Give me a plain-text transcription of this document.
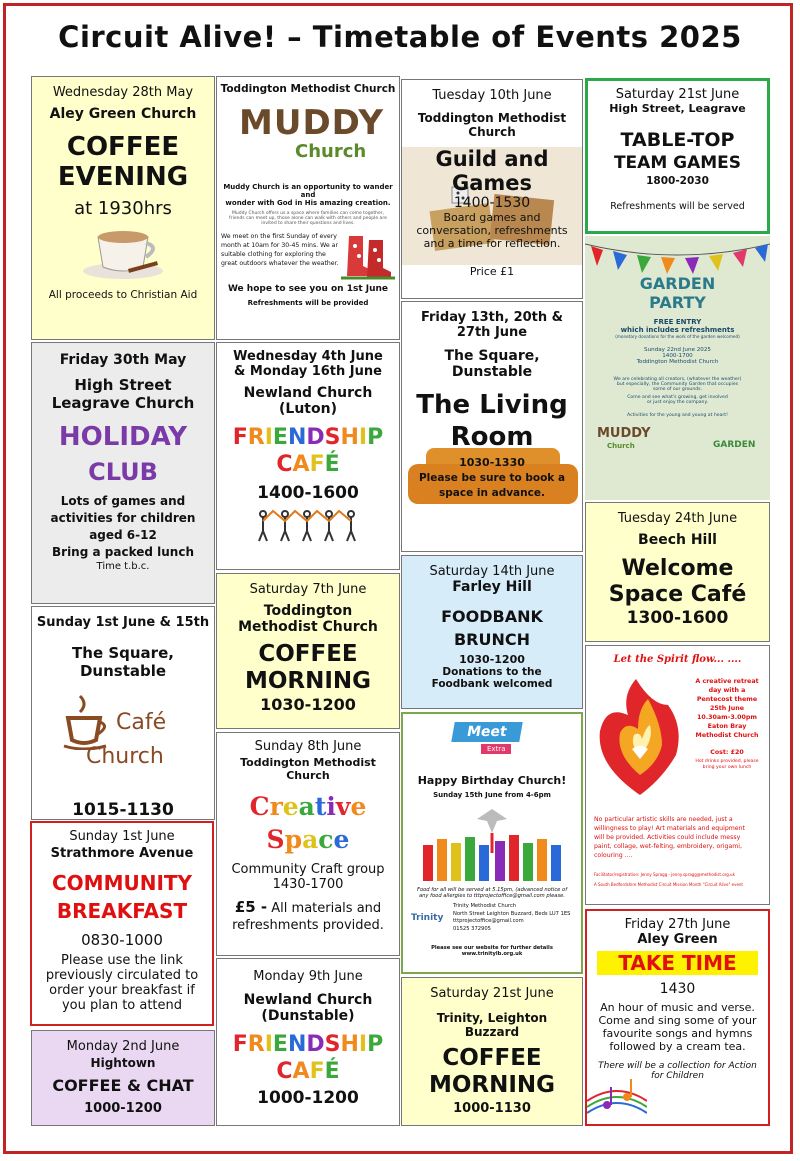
Circuit Alive! – Timetable of Events 2025
Wednesday 28th May
Aley Green Church
COFFEE
EVENING
at 1930hrs
All proceeds to Christian Aid
Friday 30th May
High Street
Leagrave Church
HOLIDAY
CLUB
Lots of games and
activities for children
aged 6-12
Bring a packed lunch
Time t.b.c.
Sunday 1st June & 15th
The Square,
Dunstable
Café
Church
1015-1130
Sunday 1st June
Strathmore Avenue
COMMUNITY
BREAKFAST
0830-1000
Please use the link
previously circulated to
order your breakfast if
you plan to attend
Monday 2nd June
Hightown
COFFEE & CHAT
1000-1200
Toddington Methodist Church
MUDDY
Church
Muddy Church is an opportunity to wander and
wonder with God in His amazing creation.
Muddy Church offers us a space where families can come together,
friends can meet up, those alone can walk with others and people are
invited to share their questions and lives.
We meet on the first Sunday of every
month at 10am for 30-45 mins. We ar
suitable clothing for exploring the
great outdoors whatever the weather.
We hope to see you on 1st June
Refreshments will be provided
Wednesday 4th June
& Monday 16th June
Newland Church
(Luton)
FRIENDSHIP
CAFÉ
1400-1600
Saturday 7th June
Toddington
Methodist Church
COFFEE
MORNING
1030-1200
Sunday 8th June
Toddington Methodist
Church
Creative
Space
Community Craft group
1430-1700
£5 - All materials and
refreshments provided.
Monday 9th June
Newland Church
(Dunstable)
FRIENDSHIP
CAFÉ
1000-1200
Tuesday 10th June
Toddington Methodist
Church
Guild and
Games
1400-1530
Board games and
conversation, refreshments
and a time for reflection.
Price £1
Friday 13th, 20th &
27th June
The Square,
Dunstable
The Living
Room
1030-1330
Please be sure to book a
space in advance.
Saturday 14th June
Farley Hill
FOODBANK
BRUNCH
1030-1200
Donations to the
Foodbank welcomed
Meet
Extra
Happy Birthday Church!
Sunday 15th June from 4-6pm
Food for all will be served at 5.15pm, (advanced notice of
any food allergies to tttprojectoffice@gmail.com please.
Trinity
Trinity Methodist Church
North Street Leighton Buzzard, Beds LU7 1ES
tttprojectoffice@gmail.com
01525 372905
Please see our website for further details www.trinitylb.org.uk
Saturday 21st June
Trinity, Leighton
Buzzard
COFFEE
MORNING
1000-1130
Saturday 21st June
High Street, Leagrave
TABLE-TOP
TEAM GAMES
1800-2030
Refreshments will be served
GARDEN
PARTY
FREE ENTRY
which includes refreshments
(monetary donations for the work of the garden welcomed)
Sunday 22nd June 2025
1400-1700
Toddington Methodist Church
We are celebrating all creators, (whatever the weather)
but especially, the Community Garden that occupies
some of our grounds.
Come and see what's growing, get involved
or just enjoy the company.
Activities for the young and young at heart!
MUDDY
Church	GARDEN
Tuesday 24th June
Beech Hill
Welcome
Space Café
1300-1600
Let the Spirit flow... ....
A creative retreat
day with a
Pentecost theme
25th June
10.30am-3.00pm
Eaton Bray
Methodist Church
Cost: £20
Hot drinks provided, please
bring your own lunch
No particular artistic skills are needed, just a
willingness to play! Art materials and equipment
will be provided. Activities could include messy
paint, collage, wet-felting, embroidery, origami,
colouring ....
Facilitator/registration: Jenny Spragg - jenny.spragg@methodist.org.uk
A South Bedfordshire Methodist Circuit Mission Month "Circuit Alive" event
Friday 27th June
Aley Green
TAKE TIME
1430
An hour of music and verse.
Come and sing some of your
favourite songs and hymns
followed by a cream tea.
There will be a collection for Action
for Children
